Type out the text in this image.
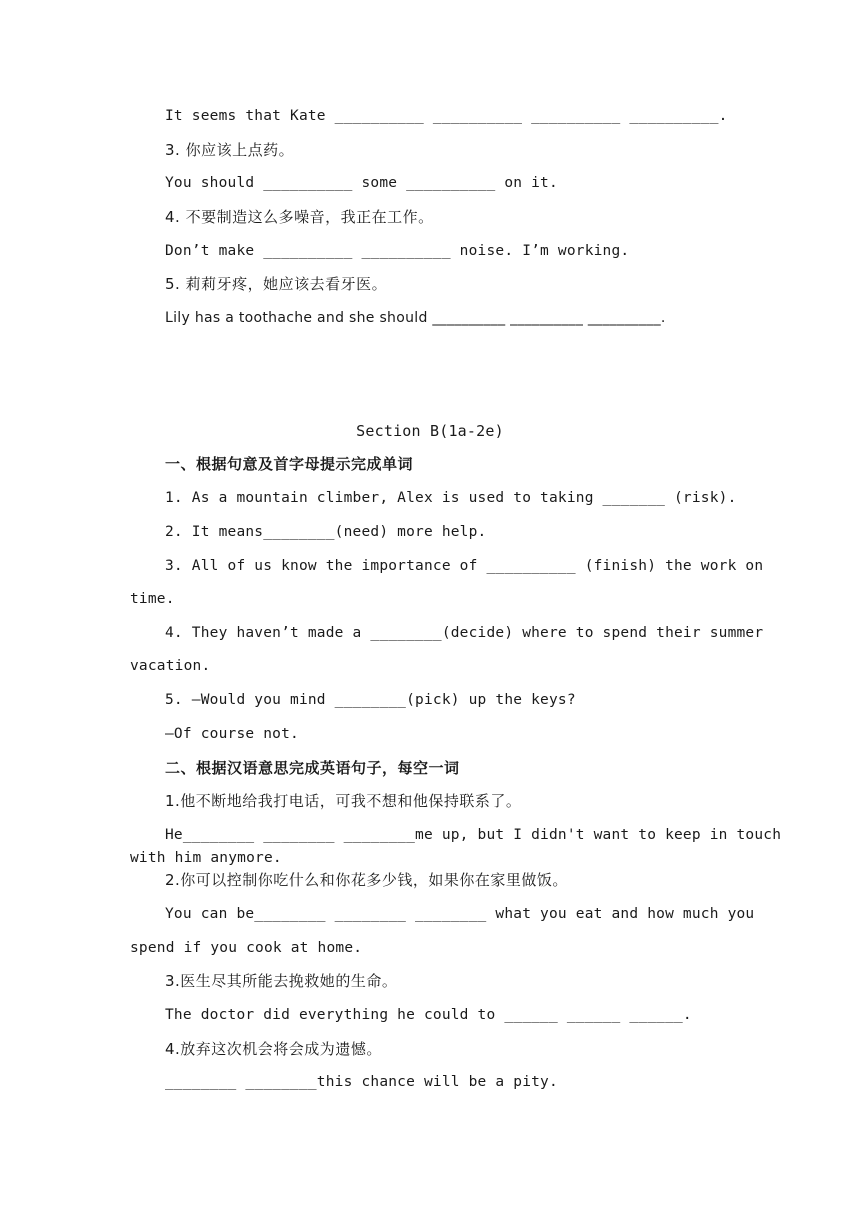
It seems that Kate __________ __________ __________ __________.
3. 你应该上点药。
You should __________ some __________ on it.
4. 不要制造这么多噪音，我正在工作。
Don’t make __________ __________ noise. I’m working.
5. 莉莉牙疼，她应该去看牙医。
Lily has a toothache and she should __________ __________ __________.
Section B(1a-2e)
一、根据句意及首字母提示完成单词
1. As a mountain climber, Alex is used to taking _______ (risk).
2. It means________(need) more help.
3. All of us know the importance of __________ (finish) the work on
time.
4. They haven’t made a ________(decide) where to spend their summer
vacation.
5. —Would you mind ________(pick) up the keys?
—Of course not.
二、根据汉语意思完成英语句子，每空一词
1.他不断地给我打电话，可我不想和他保持联系了。
He________ ________ ________me up, but I didn't want to keep in touch
with him anymore.
2.你可以控制你吃什么和你花多少钱，如果你在家里做饭。
You can be________ ________ ________ what you eat and how much you
spend if you cook at home.
3.医生尽其所能去挽救她的生命。
The doctor did everything he could to ______ ______ ______.
4.放弃这次机会将会成为遗憾。
________ ________this chance will be a pity.
